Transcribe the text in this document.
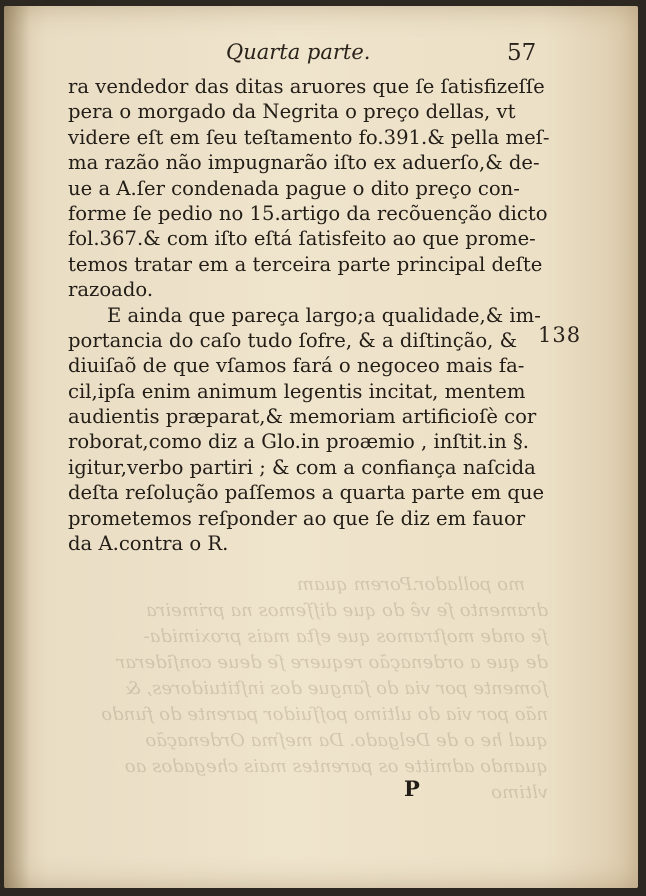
Quarta parte.	57
mo pollador.Porem quam
dramento ſe vê do que diſſemos na primeira
ſe onde moſtramos que eſta mais proximida-
de que a ordenação requere ſe deue conſiderar
ſomente por via do ſangue dos inſtituidores, &
não por via do ultimo poſſuidor parente do fundo
qual he o de Delgado. Da meſma Ordenação
quando admitte os parentes mais chegados ao
vltimo
ra vendedor das ditas aruores que ſe ſatisfizeſſe
pera o morgado da Negrita o preço dellas, vt
videre eſt em ſeu teſtamento fo.391.& pella meſ-
ma razão não impugnarão iſto ex aduerſo,& de-
ue a A.ſer condenada pague o dito preço con-
forme ſe pedio no 15.artigo da recõuenção dicto
fol.367.& com iſto eſtá ſatisfeito ao que prome-
temos tratar em a terceira parte principal deſte
razoado.
E ainda que pareça largo;a qualidade,& im-
portancia do caſo tudo ſofre, & a diſtinção, &
diuiſaõ de que vſamos fará o negoceo mais fa-
cil,ipſa enim animum legentis incitat, mentem
audientis præparat,& memoriam artificioſè cor
roborat,como diz a Glo.in proæmio , inſtit.in §.
igitur,verbo partiri ; & com a confiança naſcida
deſta reſolução paſſemos a quarta parte em que
prometemos reſponder ao que ſe diz em fauor
da A.contra o R.
138
P
